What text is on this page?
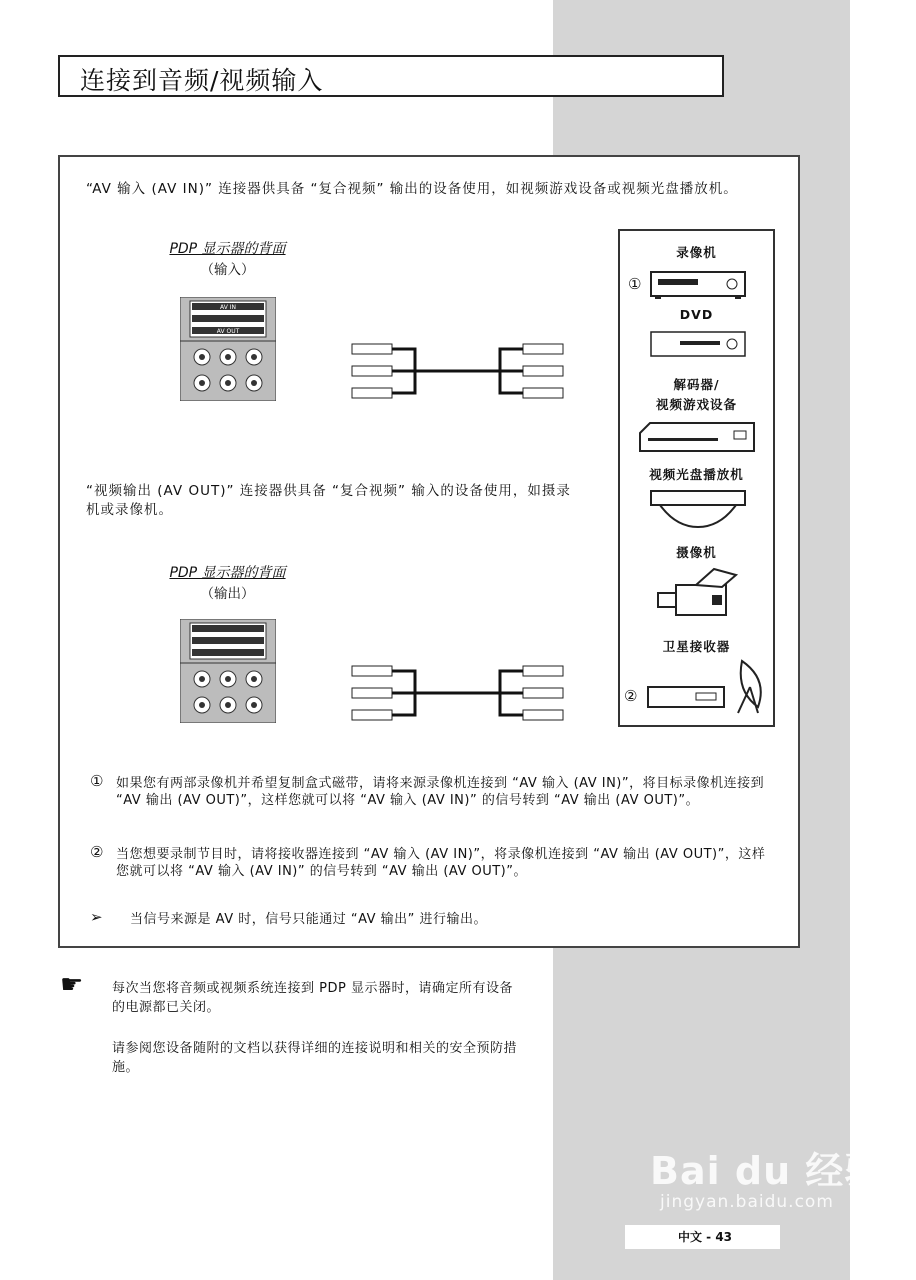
连接到音频/视频输入
“AV 输入 (AV IN)” 连接器供具备 “复合视频” 输出的设备使用，如视频游戏设备或视频光盘播放机。
PDP 显示器的背面
（输入）
AV IN
AV OUT
“视频输出 (AV OUT)” 连接器供具备 “复合视频” 输入的设备使用，如摄录机或录像机。
PDP 显示器的背面
（输出）
录像机
①
DVD
解码器/
视频游戏设备
视频光盘播放机
摄像机
卫星接收器
②
① 如果您有两部录像机并希望复制盒式磁带，请将来源录像机连接到 “AV 输入 (AV IN)”，将目标录像机连接到 “AV 输出 (AV OUT)”，这样您就可以将 “AV 输入 (AV IN)” 的信号转到 “AV 输出 (AV OUT)”。
② 当您想要录制节目时，请将接收器连接到 “AV 输入 (AV IN)”，将录像机连接到 “AV 输出 (AV OUT)”，这样您就可以将 “AV 输入 (AV IN)” 的信号转到 “AV 输出 (AV OUT)”。
➢ 当信号来源是 AV 时，信号只能通过 “AV 输出” 进行输出。
☛ 每次当您将音频或视频系统连接到 PDP 显示器时，请确定所有设备的电源都已关闭。
请参阅您设备随附的文档以获得详细的连接说明和相关的安全预防措施。
Bai du 经验
jingyan.baidu.com
中文 - 43
